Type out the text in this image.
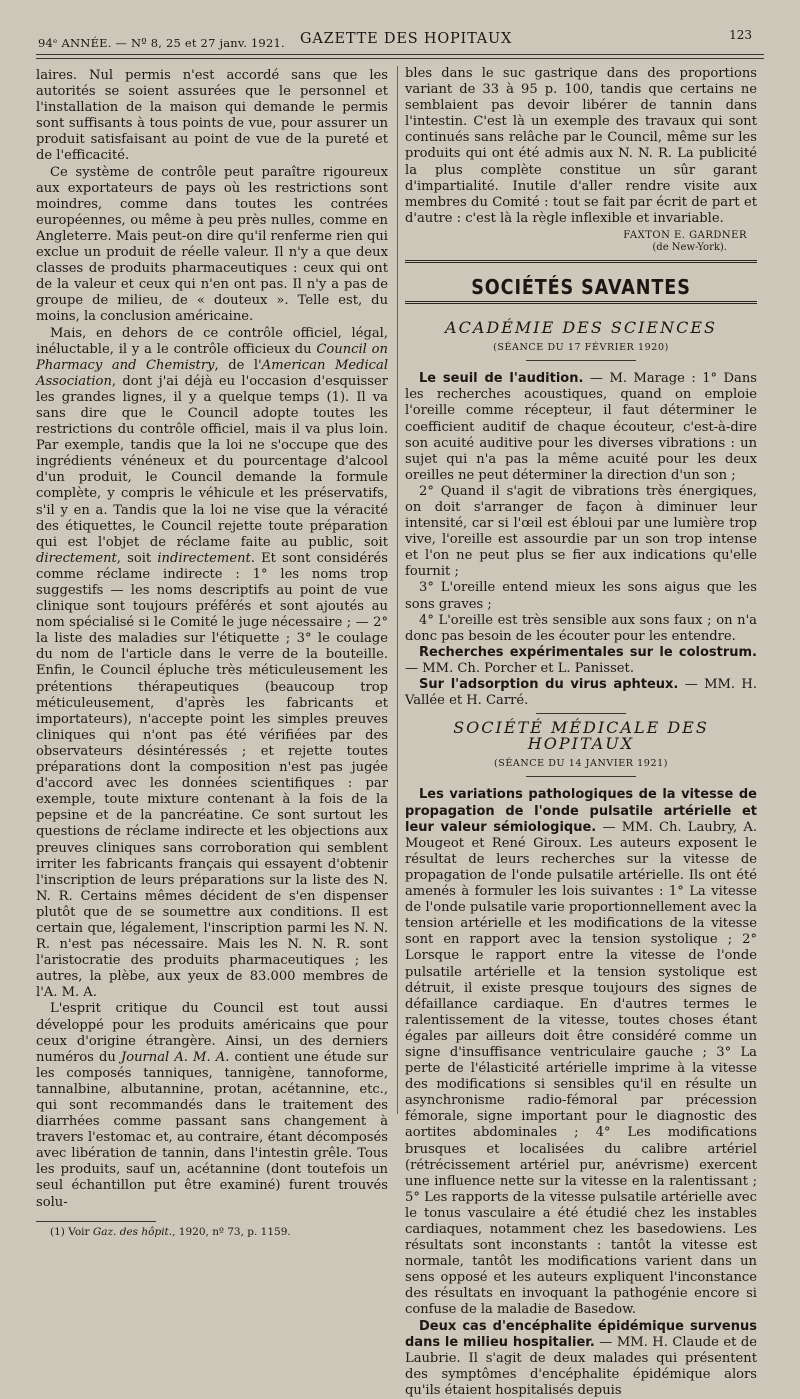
94ᵉ ANNÉE. — Nº 8, 25 et 27 janv. 1921. GAZETTE DES HOPITAUX	123

laires. Nul permis n'est accordé sans que les autorités se soient assurées que le personnel et l'installation de la maison qui demande le permis sont suffisants à tous points de vue, pour assurer un produit satisfaisant au point de vue de la pureté et de l'efficacité.

Ce système de contrôle peut paraître rigoureux aux exportateurs de pays où les restrictions sont moindres, comme dans toutes les contrées européennes, ou même à peu près nulles, comme en Angleterre. Mais peut-on dire qu'il renferme rien qui exclue un produit de réelle valeur. Il n'y a que deux classes de produits pharmaceutiques : ceux qui ont de la valeur et ceux qui n'en ont pas. Il n'y a pas de groupe de milieu, de « douteux ». Telle est, du moins, la conclusion américaine.

Mais, en dehors de ce contrôle officiel, légal, inéluctable, il y a le contrôle officieux du Council on Pharmacy and Chemistry, de l'American Medical Association, dont j'ai déjà eu l'occasion d'esquisser les grandes lignes, il y a quelque temps (1). Il va sans dire que le Council adopte toutes les restrictions du contrôle officiel, mais il va plus loin. Par exemple, tandis que la loi ne s'occupe que des ingrédients vénéneux et du pourcentage d'alcool d'un produit, le Council demande la formule complète, y compris le véhicule et les préservatifs, s'il y en a. Tandis que la loi ne vise que la véracité des étiquettes, le Council rejette toute préparation qui est l'objet de réclame faite au public, soit directement, soit indirectement. Et sont considérés comme réclame indirecte : 1° les noms trop suggestifs — les noms descriptifs au point de vue clinique sont toujours préférés et sont ajoutés au nom spécialisé si le Comité le juge nécessaire ; — 2° la liste des maladies sur l'étiquette ; 3° le coulage du nom de l'article dans le verre de la bouteille. Enfin, le Council épluche très méticuleusement les prétentions thérapeutiques (beaucoup trop méticuleusement, d'après les fabricants et importateurs), n'accepte point les simples preuves cliniques qui n'ont pas été vérifiées par des observateurs désintéressés ; et rejette toutes préparations dont la composition n'est pas jugée d'accord avec les données scientifiques : par exemple, toute mixture contenant à la fois de la pepsine et de la pancréatine. Ce sont surtout les questions de réclame indirecte et les objections aux preuves cliniques sans corroboration qui semblent irriter les fabricants français qui essayent d'obtenir l'inscription de leurs préparations sur la liste des N. N. R. Certains mêmes décident de s'en dispenser plutôt que de se soumettre aux conditions. Il est certain que, légalement, l'inscription parmi les N. N. R. n'est pas nécessaire. Mais les N. N. R. sont l'aristocratie des produits pharmaceutiques ; les autres, la plèbe, aux yeux de 83.000 membres de l'A. M. A.

L'esprit critique du Council est tout aussi développé pour les produits américains que pour ceux d'origine étrangère. Ainsi, un des derniers numéros du Journal A. M. A. contient une étude sur les composés tanniques, tannigène, tannoforme, tannalbine, albutannine, protan, acétannine, etc., qui sont recommandés dans le traitement des diarrhées comme passant sans changement à travers l'estomac et, au contraire, étant décomposés avec libération de tannin, dans l'intestin grêle. Tous les produits, sauf un, acétannine (dont toutefois un seul échantillon put être examiné) furent trouvés solu-

(1) Voir Gaz. des hôpit., 1920, nº 73, p. 1159.

bles dans le suc gastrique dans des proportions variant de 33 à 95 p. 100, tandis que certains ne semblaient pas devoir libérer de tannin dans l'intestin. C'est là un exemple des travaux qui sont continués sans relâche par le Council, même sur les produits qui ont été admis aux N. N. R. La publicité la plus complète constitue un sûr garant d'impartialité. Inutile d'aller rendre visite aux membres du Comité : tout se fait par écrit de part et d'autre : c'est là la règle inflexible et invariable.

FAXTON E. GARDNER
(de New-York).
SOCIÉTÉS SAVANTES
ACADÉMIE DES SCIENCES
(SÉANCE DU 17 FÉVRIER 1920)

Le seuil de l'audition. — M. Marage : 1° Dans les recherches acoustiques, quand on emploie l'oreille comme récepteur, il faut déterminer le coefficient auditif de chaque écouteur, c'est-à-dire son acuité auditive pour les diverses vibrations : un sujet qui n'a pas la même acuité pour les deux oreilles ne peut déterminer la direction d'un son ;

2° Quand il s'agit de vibrations très énergiques, on doit s'arranger de façon à diminuer leur intensité, car si l'œil est ébloui par une lumière trop vive, l'oreille est assourdie par un son trop intense et l'on ne peut plus se fier aux indications qu'elle fournit ;

3° L'oreille entend mieux les sons aigus que les sons graves ;

4° L'oreille est très sensible aux sons faux ; on n'a donc pas besoin de les écouter pour les entendre.

Recherches expérimentales sur le colostrum. — MM. Ch. Porcher et L. Panisset.

Sur l'adsorption du virus aphteux. — MM. H. Vallée et H. Carré.

SOCIÉTÉ MÉDICALE DES HOPITAUX
(SÉANCE DU 14 JANVIER 1921)

Les variations pathologiques de la vitesse de propagation de l'onde pulsatile artérielle et leur valeur sémiologique. — MM. Ch. Laubry, A. Mougeot et René Giroux. Les auteurs exposent le résultat de leurs recherches sur la vitesse de propagation de l'onde pulsatile artérielle. Ils ont été amenés à formuler les lois suivantes : 1° La vitesse de l'onde pulsatile varie proportionnellement avec la tension artérielle et les modifications de la vitesse sont en rapport avec la tension systolique ; 2° Lorsque le rapport entre la vitesse de l'onde pulsatile artérielle et la tension systolique est détruit, il existe presque toujours des signes de défaillance cardiaque. En d'autres termes le ralentissement de la vitesse, toutes choses étant égales par ailleurs doit être considéré comme un signe d'insuffisance ventriculaire gauche ; 3° La perte de l'élasticité artérielle imprime à la vitesse des modifications si sensibles qu'il en résulte un asynchronisme radio-fémoral par précession fémorale, signe important pour le diagnostic des aortites abdominales ; 4° Les modifications brusques et localisées du calibre artériel (rétrécissement artériel pur, anévrisme) exercent une influence nette sur la vitesse en la ralentissant ; 5° Les rapports de la vitesse pulsatile artérielle avec le tonus vasculaire a été étudié chez les instables cardiaques, notamment chez les basedowiens. Les résultats sont inconstants : tantôt la vitesse est normale, tantôt les modifications varient dans un sens opposé et les auteurs expliquent l'inconstance des résultats en invoquant la pathogénie encore si confuse de la maladie de Basedow.

Deux cas d'encéphalite épidémique survenus dans le milieu hospitalier. — MM. H. Claude et de Laubrie. Il s'agit de deux malades qui présentent des symptômes d'encéphalite épidémique alors qu'ils étaient hospitalisés depuis
